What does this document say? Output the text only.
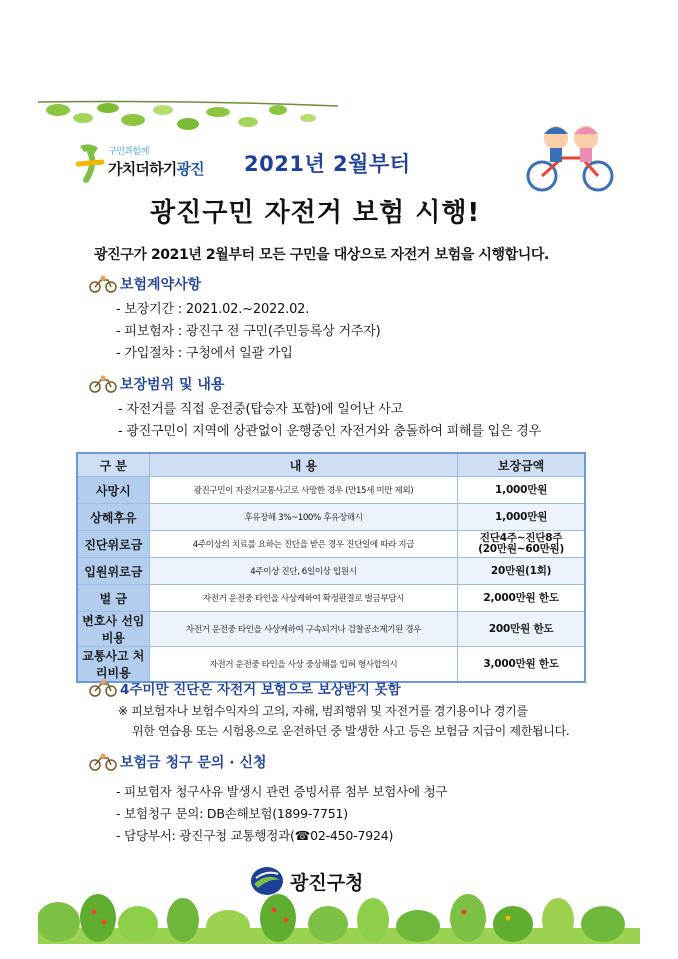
구민과함께
가치더하기광진 2021년 2월부터
광진구민 자전거 보험 시행!
광진구가 2021년 2월부터 모든 구민을 대상으로 자전거 보험을 시행합니다.
보험계약사항
- 보장기간 : 2021.02.~2022.02.
- 피보험자 : 광진구 전 구민(주민등록상 거주자)
- 가입절차 : 구청에서 일괄 가입
보장범위 및 내용
- 자전거를 직접 운전중(탑승자 포함)에 일어난 사고
- 광진구민이 지역에 상관없이 운행중인 자전거와 충돌하여 피해를 입은 경우
구 분	내 용	보장금액
사망시	광진구민이 자전거교통사고로 사망한 경우 (만15세 미만 제외)	1,000만원
상해후유	후유장해 3%~100% 후유장해시	1,000만원
진단위로금	4주이상의 치료를 요하는 진단을 받은 경우 진단일에 따라 지급	진단4주~진단8주
(20만원~60만원)

입원위로금	4주이상 진단, 6일이상 입원시	20만원(1회)
벌 금	자전거 운전중 타인을 사상케하여 확정판결로 벌금부담시	2,000만원 한도
변호사 선임비용	자전거 운전중 타인을 사상케하여 구속되거나 검찰공소제기된 경우	200만원 한도
교통사고 처리비용	자전거 운전중 타인을 사상 중상해를 입혀 형사합의시	3,000만원 한도
4주미만 진단은 자전거 보험으로 보상받지 못함
※ 피보험자나 보험수익자의 고의, 자해, 범죄행위 및 자전거를 경기용이나 경기를
위한 연습용 또는 시험용으로 운전하던 중 발생한 사고 등은 보험금 지급이 제한됩니다.
보험금 청구 문의 · 신청
- 피보험자 청구사유 발생시 관련 증빙서류 첨부 보험사에 청구
- 보험청구 문의: DB손해보험(1899-7751)
- 담당부서: 광진구청 교통행정과(☎02-450-7924)
광진구청
